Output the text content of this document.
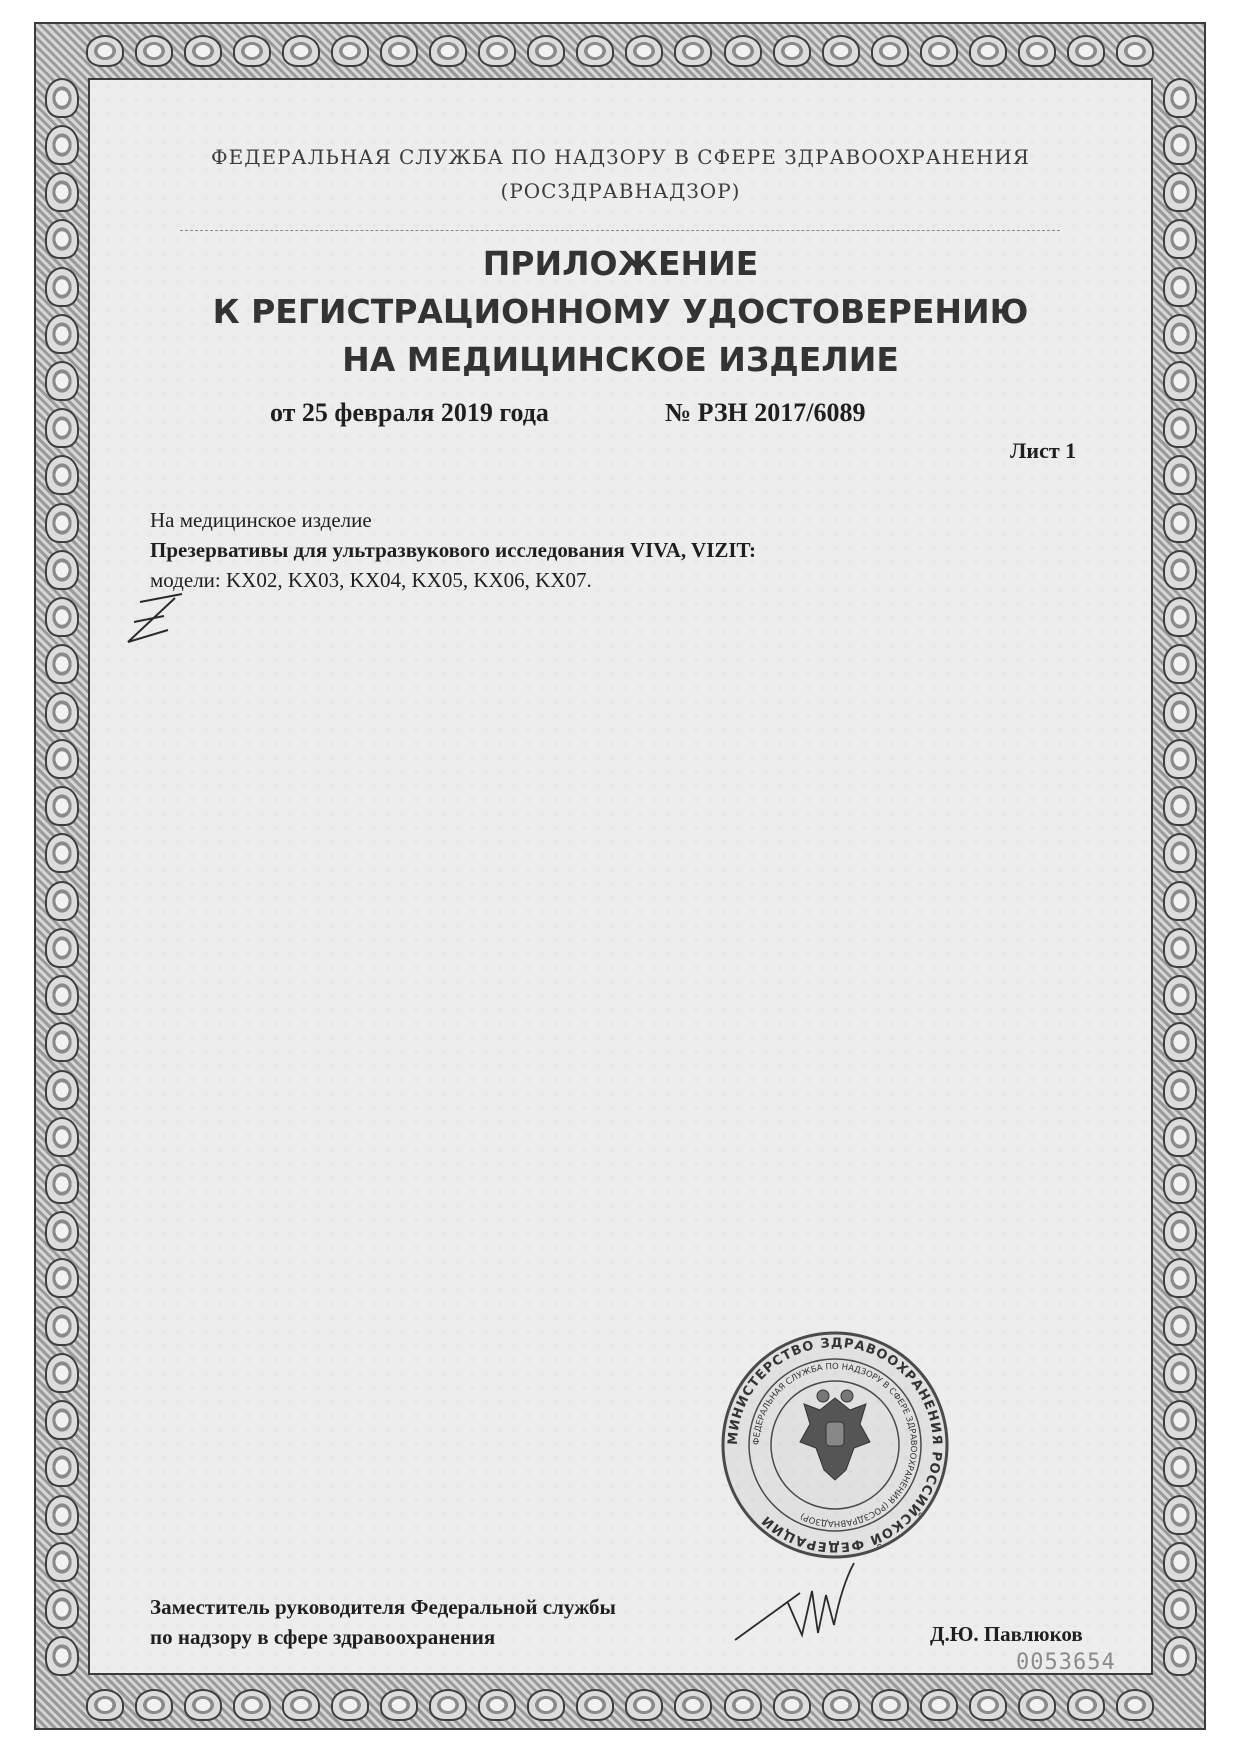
ФЕДЕРАЛЬНАЯ СЛУЖБА ПО НАДЗОРУ В СФЕРЕ ЗДРАВООХРАНЕНИЯ
(РОСЗДРАВНАДЗОР)
ПРИЛОЖЕНИЕ
К РЕГИСТРАЦИОННОМУ УДОСТОВЕРЕНИЮ
НА МЕДИЦИНСКОЕ ИЗДЕЛИЕ
от 25 февраля 2019 года	№ РЗН 2017/6089
Лист 1
На медицинское изделие
Презервативы для ультразвукового исследования VIVA, VIZIT:
модели: KX02, KX03, KX04, KX05, KX06, KX07.
МИНИСТЕРСТВО ЗДРАВООХРАНЕНИЯ РОССИЙСКОЙ ФЕДЕРАЦИИ
ФЕДЕРАЛЬНАЯ СЛУЖБА ПО НАДЗОРУ В СФЕРЕ ЗДРАВООХРАНЕНИЯ (РОСЗДРАВНАДЗОР)
Заместитель руководителя Федеральной службы
по надзору в сфере здравоохранения	Д.Ю. Павлюков
0053654
